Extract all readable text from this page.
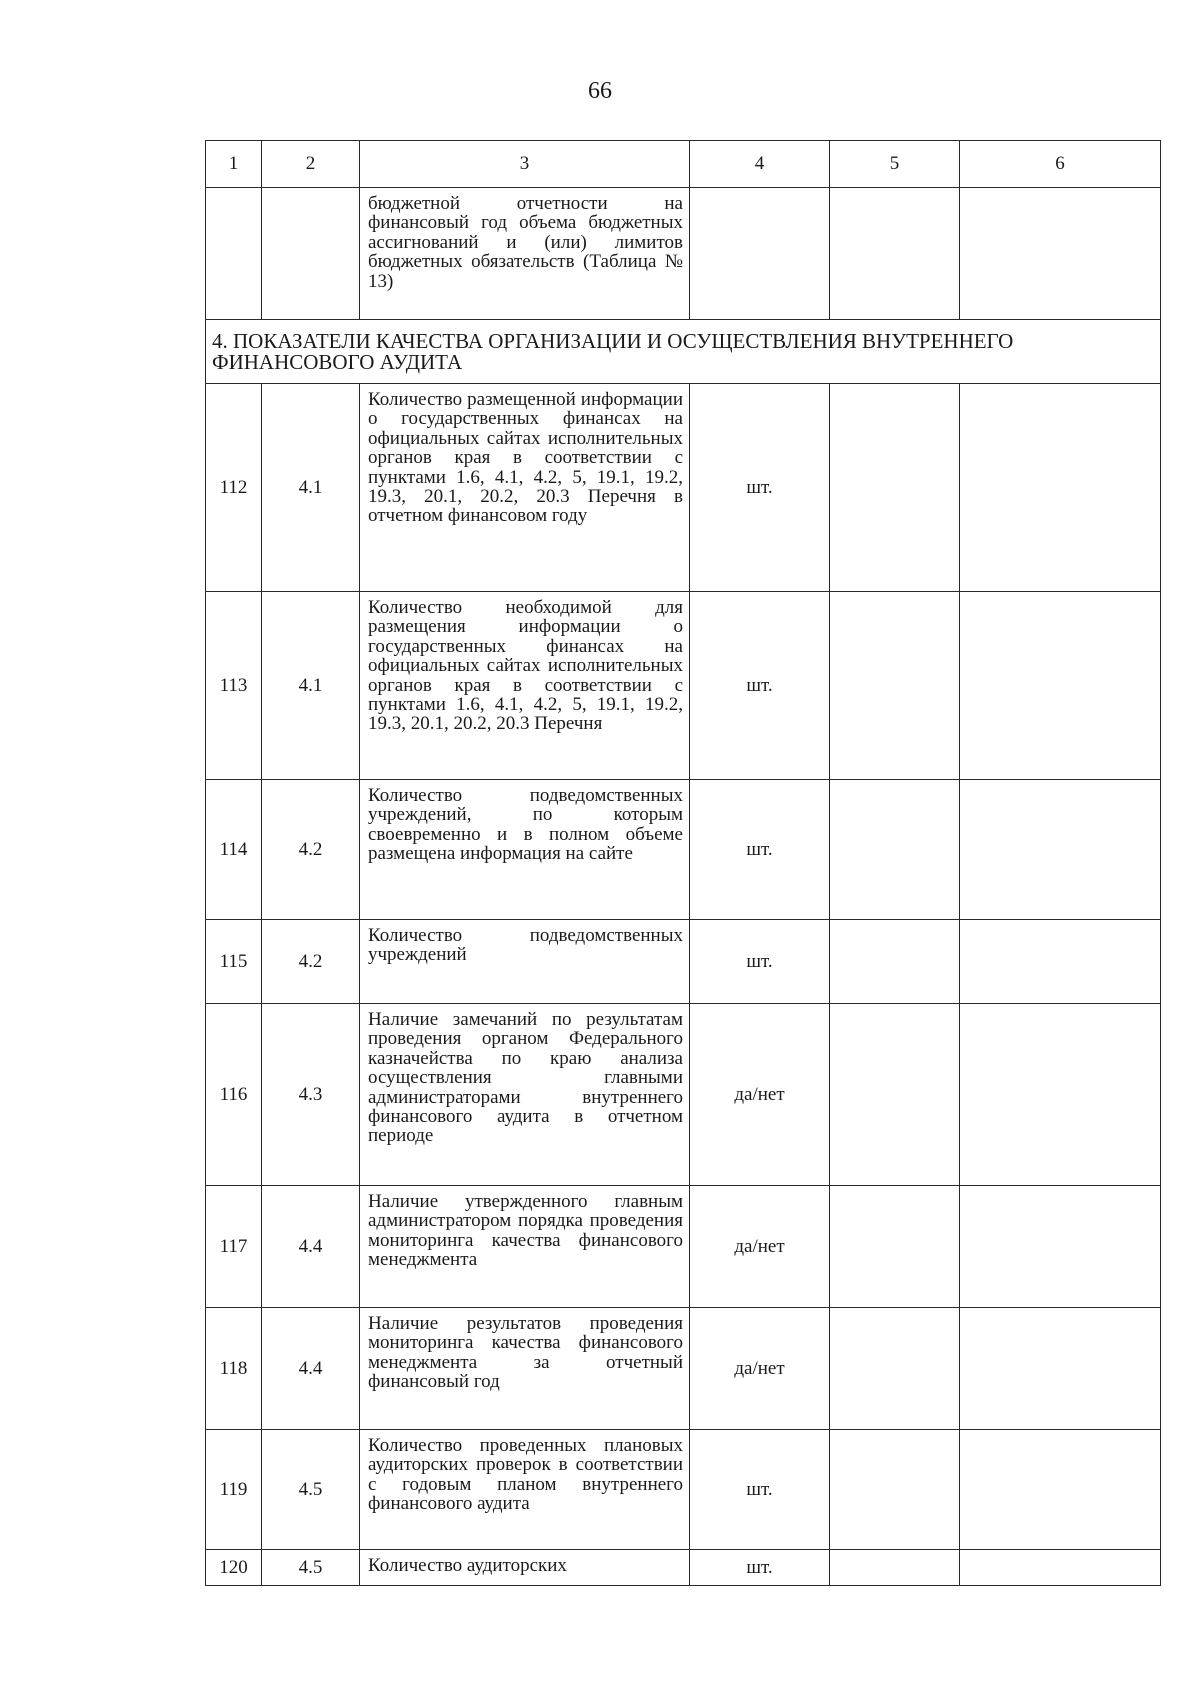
66
1	2	3	4	5	6
		бюджетной отчетности на финансовый год объема бюджетных ассигнований и (или) лимитов бюджетных обязательств (Таблица № 13)			
4. ПОКАЗАТЕЛИ КАЧЕСТВА ОРГАНИЗАЦИИ И ОСУЩЕСТВЛЕНИЯ ВНУТРЕННЕГО ФИНАНСОВОГО АУДИТА					
112	4.1	Количество размещенной информации о государственных финансах на официальных сайтах исполнительных органов края в соответствии с пунктами 1.6, 4.1, 4.2, 5, 19.1, 19.2, 19.3, 20.1, 20.2, 20.3 Перечня в отчетном финансовом году	шт.		
113	4.1	Количество необходимой для размещения информации о государственных финансах на официальных сайтах исполнительных органов края в соответствии с пунктами 1.6, 4.1, 4.2, 5, 19.1, 19.2, 19.3, 20.1, 20.2, 20.3 Перечня	шт.		
114	4.2	Количество подведомственных учреждений, по которым своевременно и в полном объеме размещена информация на сайте	шт.		
115	4.2	Количество подведомственных учреждений	шт.		
116	4.3	Наличие замечаний по результатам проведения органом Федерального казначейства по краю анализа осуществления главными администраторами внутреннего финансового аудита в отчетном периоде	да/нет		
117	4.4	Наличие утвержденного главным администратором порядка проведения мониторинга качества финансового менеджмента	да/нет		
118	4.4	Наличие результатов проведения мониторинга качества финансового менеджмента за отчетный финансовый год	да/нет		
119	4.5	Количество проведенных плановых аудиторских проверок в соответствии с годовым планом внутреннего финансового аудита	шт.		
120	4.5	Количество аудиторских	шт.		
